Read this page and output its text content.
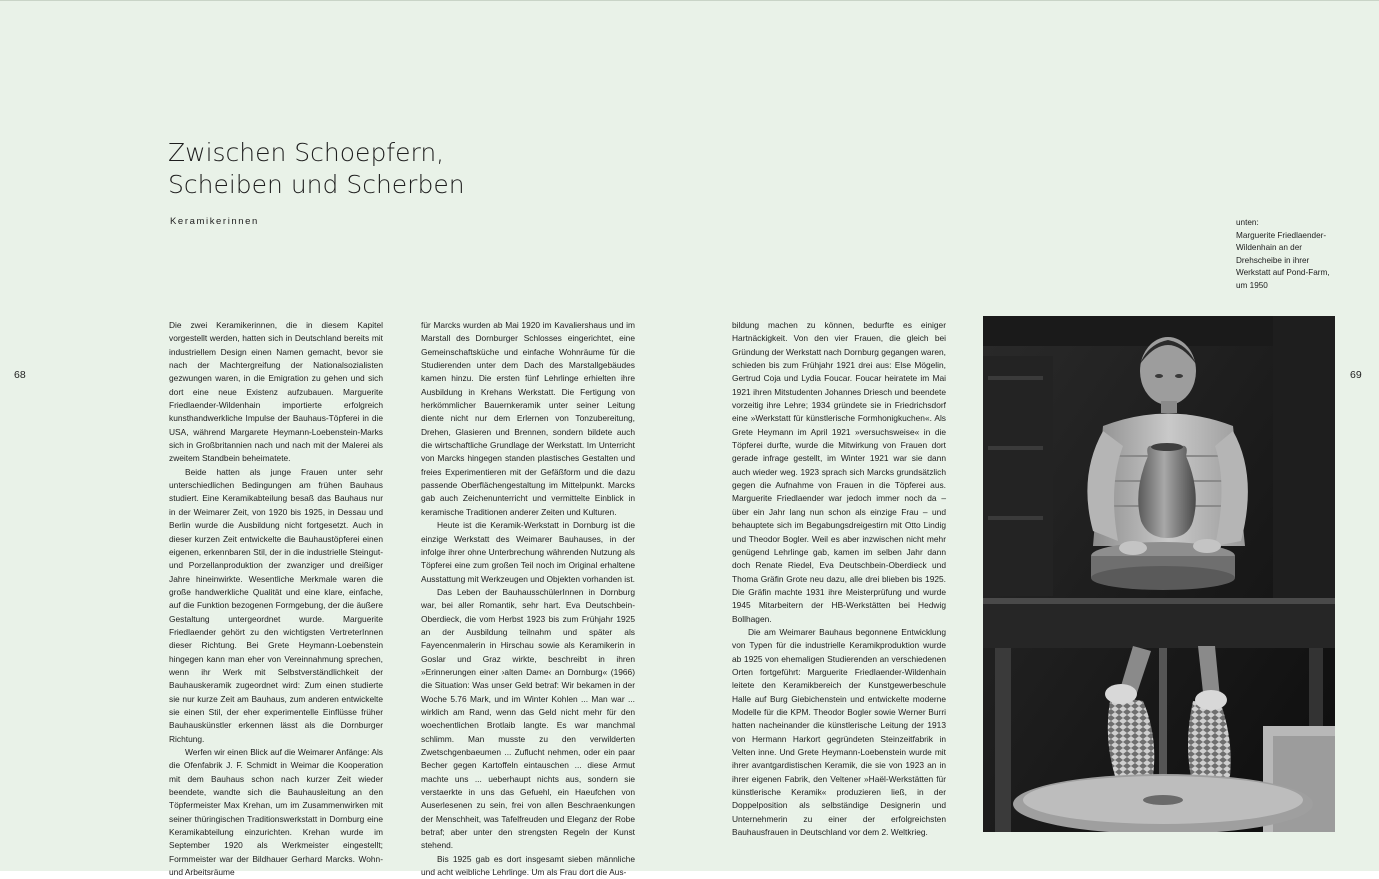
Zwischen Schoepfern,
Scheiben und Scherben
Keramikerinnen
68	69

Die zwei Keramikerinnen, die in diesem Kapitel vorgestellt werden, hatten sich in Deutschland bereits mit industriellem Design einen Namen gemacht, bevor sie nach der Machtergreifung der Nationalsozialisten gezwungen waren, in die Emigration zu gehen und sich dort eine neue Existenz aufzubauen. Marguerite Friedlaender-Wildenhain importierte erfolgreich kunsthandwerkliche Impulse der Bauhaus-Töpferei in die USA, während Margarete Heymann-Loebenstein-Marks sich in Großbritannien nach und nach mit der Malerei als zweitem Standbein beheimatete.

Beide hatten als junge Frauen unter sehr unterschiedlichen Bedingungen am frühen Bauhaus studiert. Eine Keramikabteilung besaß das Bauhaus nur in der Weimarer Zeit, von 1920 bis 1925, in Dessau und Berlin wurde die Ausbildung nicht fortgesetzt. Auch in dieser kurzen Zeit entwickelte die Bauhaustöpferei einen eigenen, erkennbaren Stil, der in die industrielle Steingut- und Porzellanproduktion der zwanziger und dreißiger Jahre hineinwirkte. Wesentliche Merkmale waren die große handwerkliche Qualität und eine klare, einfache, auf die Funktion bezogenen Formgebung, der die äußere Gestaltung untergeordnet wurde. Marguerite Friedlaender gehört zu den wichtigsten VertreterInnen dieser Richtung. Bei Grete Heymann-Loebenstein hingegen kann man eher von Vereinnahmung sprechen, wenn ihr Werk mit Selbstverständlichkeit der Bauhauskeramik zugeordnet wird: Zum einen studierte sie nur kurze Zeit am Bauhaus, zum anderen entwickelte sie einen Stil, der eher experimentelle Einflüsse früher Bauhauskünstler erkennen lässt als die Dornburger Richtung.

Werfen wir einen Blick auf die Weimarer Anfänge: Als die Ofenfabrik J. F. Schmidt in Weimar die Kooperation mit dem Bauhaus schon nach kurzer Zeit wieder beendete, wandte sich die Bauhausleitung an den Töpfermeister Max Krehan, um im Zusammenwirken mit seiner thüringischen Traditionswerkstatt in Dornburg eine Keramikabteilung einzurichten. Krehan wurde im September 1920 als Werkmeister eingestellt; Formmeister war der Bildhauer Gerhard Marcks. Wohn- und Arbeitsräume

für Marcks wurden ab Mai 1920 im Kavaliershaus und im Marstall des Dornburger Schlosses eingerichtet, eine Gemeinschaftsküche und einfache Wohnräume für die Studierenden unter dem Dach des Marstallgebäudes kamen hinzu. Die ersten fünf Lehrlinge erhielten ihre Ausbildung in Krehans Werkstatt. Die Fertigung von herkömmlicher Bauernkeramik unter seiner Leitung diente nicht nur dem Erlernen von Tonzubereitung, Drehen, Glasieren und Brennen, sondern bildete auch die wirtschaftliche Grundlage der Werkstatt. Im Unterricht von Marcks hingegen standen plastisches Gestalten und freies Experimentieren mit der Gefäßform und die dazu passende Oberflächengestaltung im Mittelpunkt. Marcks gab auch Zeichenunterricht und vermittelte Einblick in keramische Traditionen anderer Zeiten und Kulturen.

Heute ist die Keramik-Werkstatt in Dornburg ist die einzige Werkstatt des Weimarer Bauhauses, in der infolge ihrer ohne Unterbrechung währenden Nutzung als Töpferei eine zum großen Teil noch im Original erhaltene Ausstattung mit Werkzeugen und Objekten vorhanden ist.

Das Leben der BauhausschülerInnen in Dornburg war, bei aller Romantik, sehr hart. Eva Deutschbein-Oberdieck, die vom Herbst 1923 bis zum Frühjahr 1925 an der Ausbildung teilnahm und später als Fayencenmalerin in Hirschau sowie als Keramikerin in Goslar und Graz wirkte, beschreibt in ihren »Erinnerungen einer ›alten Dame‹ an Dornburg« (1966) die Situation: Was unser Geld betraf: Wir bekamen in der Woche 5.76 Mark, und im Winter Kohlen ... Man war ... wirklich am Rand, wenn das Geld nicht mehr für den woechentlichen Brotlaib langte. Es war manchmal schlimm. Man musste zu den verwilderten Zwetschgenbaeumen ... Zuflucht nehmen, oder ein paar Becher gegen Kartoffeln eintauschen ... diese Armut machte uns ... ueberhaupt nichts aus, sondern sie verstaerkte in uns das Gefuehl, ein Haeufchen von Auserlesenen zu sein, frei von allen Beschraenkungen der Menschheit, was Tafelfreuden und Eleganz der Robe betraf; aber unter den strengsten Regeln der Kunst stehend.

Bis 1925 gab es dort insgesamt sieben männliche und acht weibliche Lehrlinge. Um als Frau dort die Aus-

bildung machen zu können, bedurfte es einiger Hartnäckigkeit. Von den vier Frauen, die gleich bei Gründung der Werkstatt nach Dornburg gegangen waren, schieden bis zum Frühjahr 1921 drei aus: Else Mögelin, Gertrud Coja und Lydia Foucar. Foucar heiratete im Mai 1921 ihren Mitstudenten Johannes Driesch und beendete vorzeitig ihre Lehre; 1934 gründete sie in Friedrichsdorf eine »Werkstatt für künstlerische Formhonigkuchen«. Als Grete Heymann im April 1921 »versuchsweise« in die Töpferei durfte, wurde die Mitwirkung von Frauen dort gerade infrage gestellt, im Winter 1921 war sie dann auch wieder weg. 1923 sprach sich Marcks grundsätzlich gegen die Aufnahme von Frauen in die Töpferei aus. Marguerite Friedlaender war jedoch immer noch da – über ein Jahr lang nun schon als einzige Frau – und behauptete sich im Begabungsdreigestirn mit Otto Lindig und Theodor Bogler. Weil es aber inzwischen nicht mehr genügend Lehrlinge gab, kamen im selben Jahr dann doch Renate Riedel, Eva Deutschbein-Oberdieck und Thoma Gräfin Grote neu dazu, alle drei blieben bis 1925. Die Gräfin machte 1931 ihre Meisterprüfung und wurde 1945 Mitarbeitern der HB-Werkstätten bei Hedwig Bollhagen.

Die am Weimarer Bauhaus begonnene Entwicklung von Typen für die industrielle Keramikproduktion wurde ab 1925 von ehemaligen Studierenden an verschiedenen Orten fortgeführt: Marguerite Friedlaender-Wildenhain leitete den Keramikbereich der Kunstgewerbeschule Halle auf Burg Giebichenstein und entwickelte moderne Modelle für die KPM. Theodor Bogler sowie Werner Burri hatten nacheinander die künstlerische Leitung der 1913 von Hermann Harkort gegründeten Steinzeitfabrik in Velten inne. Und Grete Heymann-Loebenstein wurde mit ihrer avantgardistischen Keramik, die sie von 1923 an in ihrer eigenen Fabrik, den Veltener »Haël-Werkstätten für künstlerische Keramik« produzieren ließ, in der Doppelposition als selbständige Designerin und Unternehmerin zu einer der erfolgreichsten Bauhausfrauen in Deutschland vor dem 2. Weltkrieg.

unten:
Marguerite Friedlaender-Wildenhain an der Drehscheibe in ihrer Werkstatt auf Pond-Farm, um 1950
